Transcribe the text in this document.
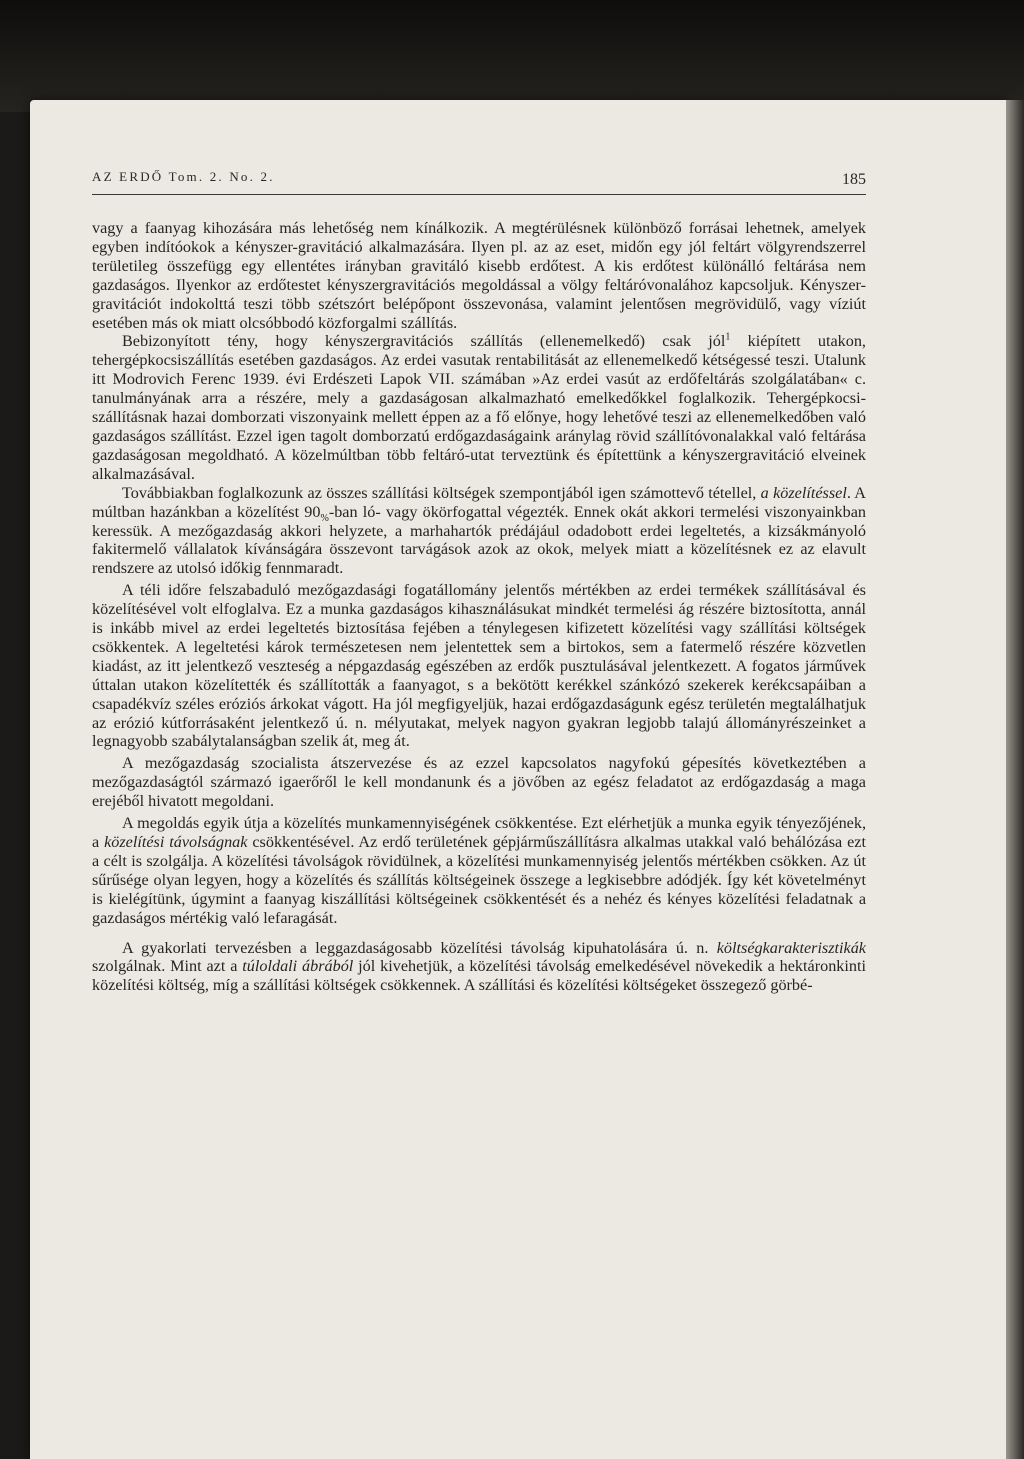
AZ ERDŐ Tom. 2. No. 2.	185

vagy a faanyag kihozására más lehetőség nem kínálkozik. A megtérülésnek különböző forrásai lehetnek, amelyek egyben indítóokok a kényszer-gravitáció alkalmazására. Ilyen pl. az az eset, midőn egy jól feltárt völgyrendszerrel területileg összefügg egy ellentétes irányban gravitáló kisebb erdőtest. A kis erdőtest különálló feltárása nem gazdaságos. Ilyenkor az erdőtestet kényszergravitációs megoldással a völgy feltáróvonalához kapcsoljuk. Kényszer-gravitációt indokolttá teszi több szétszórt belépőpont összevonása, valamint jelentősen megrövidülő, vagy víziút esetében más ok miatt olcsóbbodó közforgalmi szállítás.

Bebizonyított tény, hogy kényszergravitációs szállítás (ellenemelkedő) csak jól$^1$ kiépített utakon, tehergépkocsiszállítás esetében gazdaságos. Az erdei vasutak rentabilitását az ellenemelkedő kétségessé teszi. Utalunk itt Modrovich Ferenc 1939. évi Erdészeti Lapok VII. számában »Az erdei vasút az erdőfeltárás szolgálatában« c. tanulmányának arra a részére, mely a gazdaságosan alkalmazható emelkedőkkel foglalkozik. Tehergépkocsi-szállításnak hazai domborzati viszonyaink mellett éppen az a fő előnye, hogy lehetővé teszi az ellenemelkedőben való gazdaságos szállítást. Ezzel igen tagolt domborzatú erdőgazdaságaink aránylag rövid szállítóvonalakkal való feltárása gazdaságosan megoldható. A közelmúltban több feltáró-utat terveztünk és építettünk a kényszergravitáció elveinek alkalmazásával.

Továbbiakban foglalkozunk az összes szállítási költségek szempontjából igen számottevő tétellel, a közelítéssel. A múltban hazánkban a közelítést $90_{\%}$-ban ló- vagy ökörfogattal végezték. Ennek okát akkori termelési viszonyainkban keressük. A mezőgazdaság akkori helyzete, a marhahartók prédájául odadobott erdei legeltetés, a kizsákmányoló fakitermelő vállalatok kívánságára összevont tarvágások azok az okok, melyek miatt a közelítésnek ez az elavult rendszere az utolsó időkig fennmaradt.

A téli időre felszabaduló mezőgazdasági fogatállomány jelentős mértékben az erdei termékek szállításával és közelítésével volt elfoglalva. Ez a munka gazdaságos kihasználásukat mindkét termelési ág részére biztosította, annál is inkább mivel az erdei legeltetés biztosítása fejében a ténylegesen kifizetett közelítési vagy szállítási költségek csökkentek. A legeltetési károk természetesen nem jelentettek sem a birtokos, sem a fatermelő részére közvetlen kiadást, az itt jelentkező veszteség a népgazdaság egészében az erdők pusztulásával jelentkezett. A fogatos járművek úttalan utakon közelítették és szállították a faanyagot, s a bekötött kerékkel szánkózó szekerek kerékcsapáiban a csapadékvíz széles eróziós árkokat vágott. Ha jól megfigyeljük, hazai erdőgazdaságunk egész területén megtalálhatjuk az erózió kútforrásaként jelentkező ú. n. mélyutakat, melyek nagyon gyakran legjobb talajú állományrészeinket a legnagyobb szabálytalanságban szelik át, meg át.

A mezőgazdaság szocialista átszervezése és az ezzel kapcsolatos nagyfokú gépesítés következtében a mezőgazdaságtól származó igaerőről le kell mondanunk és a jövőben az egész feladatot az erdőgazdaság a maga erejéből hivatott megoldani.

A megoldás egyik útja a közelítés munkamennyiségének csökkentése. Ezt elérhetjük a munka egyik tényezőjének, a közelítési távolságnak csökkentésével. Az erdő területének gépjárműszállításra alkalmas utakkal való behálózása ezt a célt is szolgálja. A közelítési távolságok rövidülnek, a közelítési munkamennyiség jelentős mértékben csökken. Az út sűrűsége olyan legyen, hogy a közelítés és szállítás költségeinek összege a legkisebbre adódjék. Így két követelményt is kielégítünk, úgymint a faanyag kiszállítási költségeinek csökkentését és a nehéz és kényes közelítési feladatnak a gazdaságos mértékig való lefaragását.

A gyakorlati tervezésben a leggazdaságosabb közelítési távolság kipuhatolására ú. n. költségkarakterisztikák szolgálnak. Mint azt a túloldali ábrából jól kivehetjük, a közelítési távolság emelkedésével növekedik a hektáronkinti közelítési költség, míg a szállítási költségek csökkennek. A szállítási és közelítési költségeket összegező görbé-
